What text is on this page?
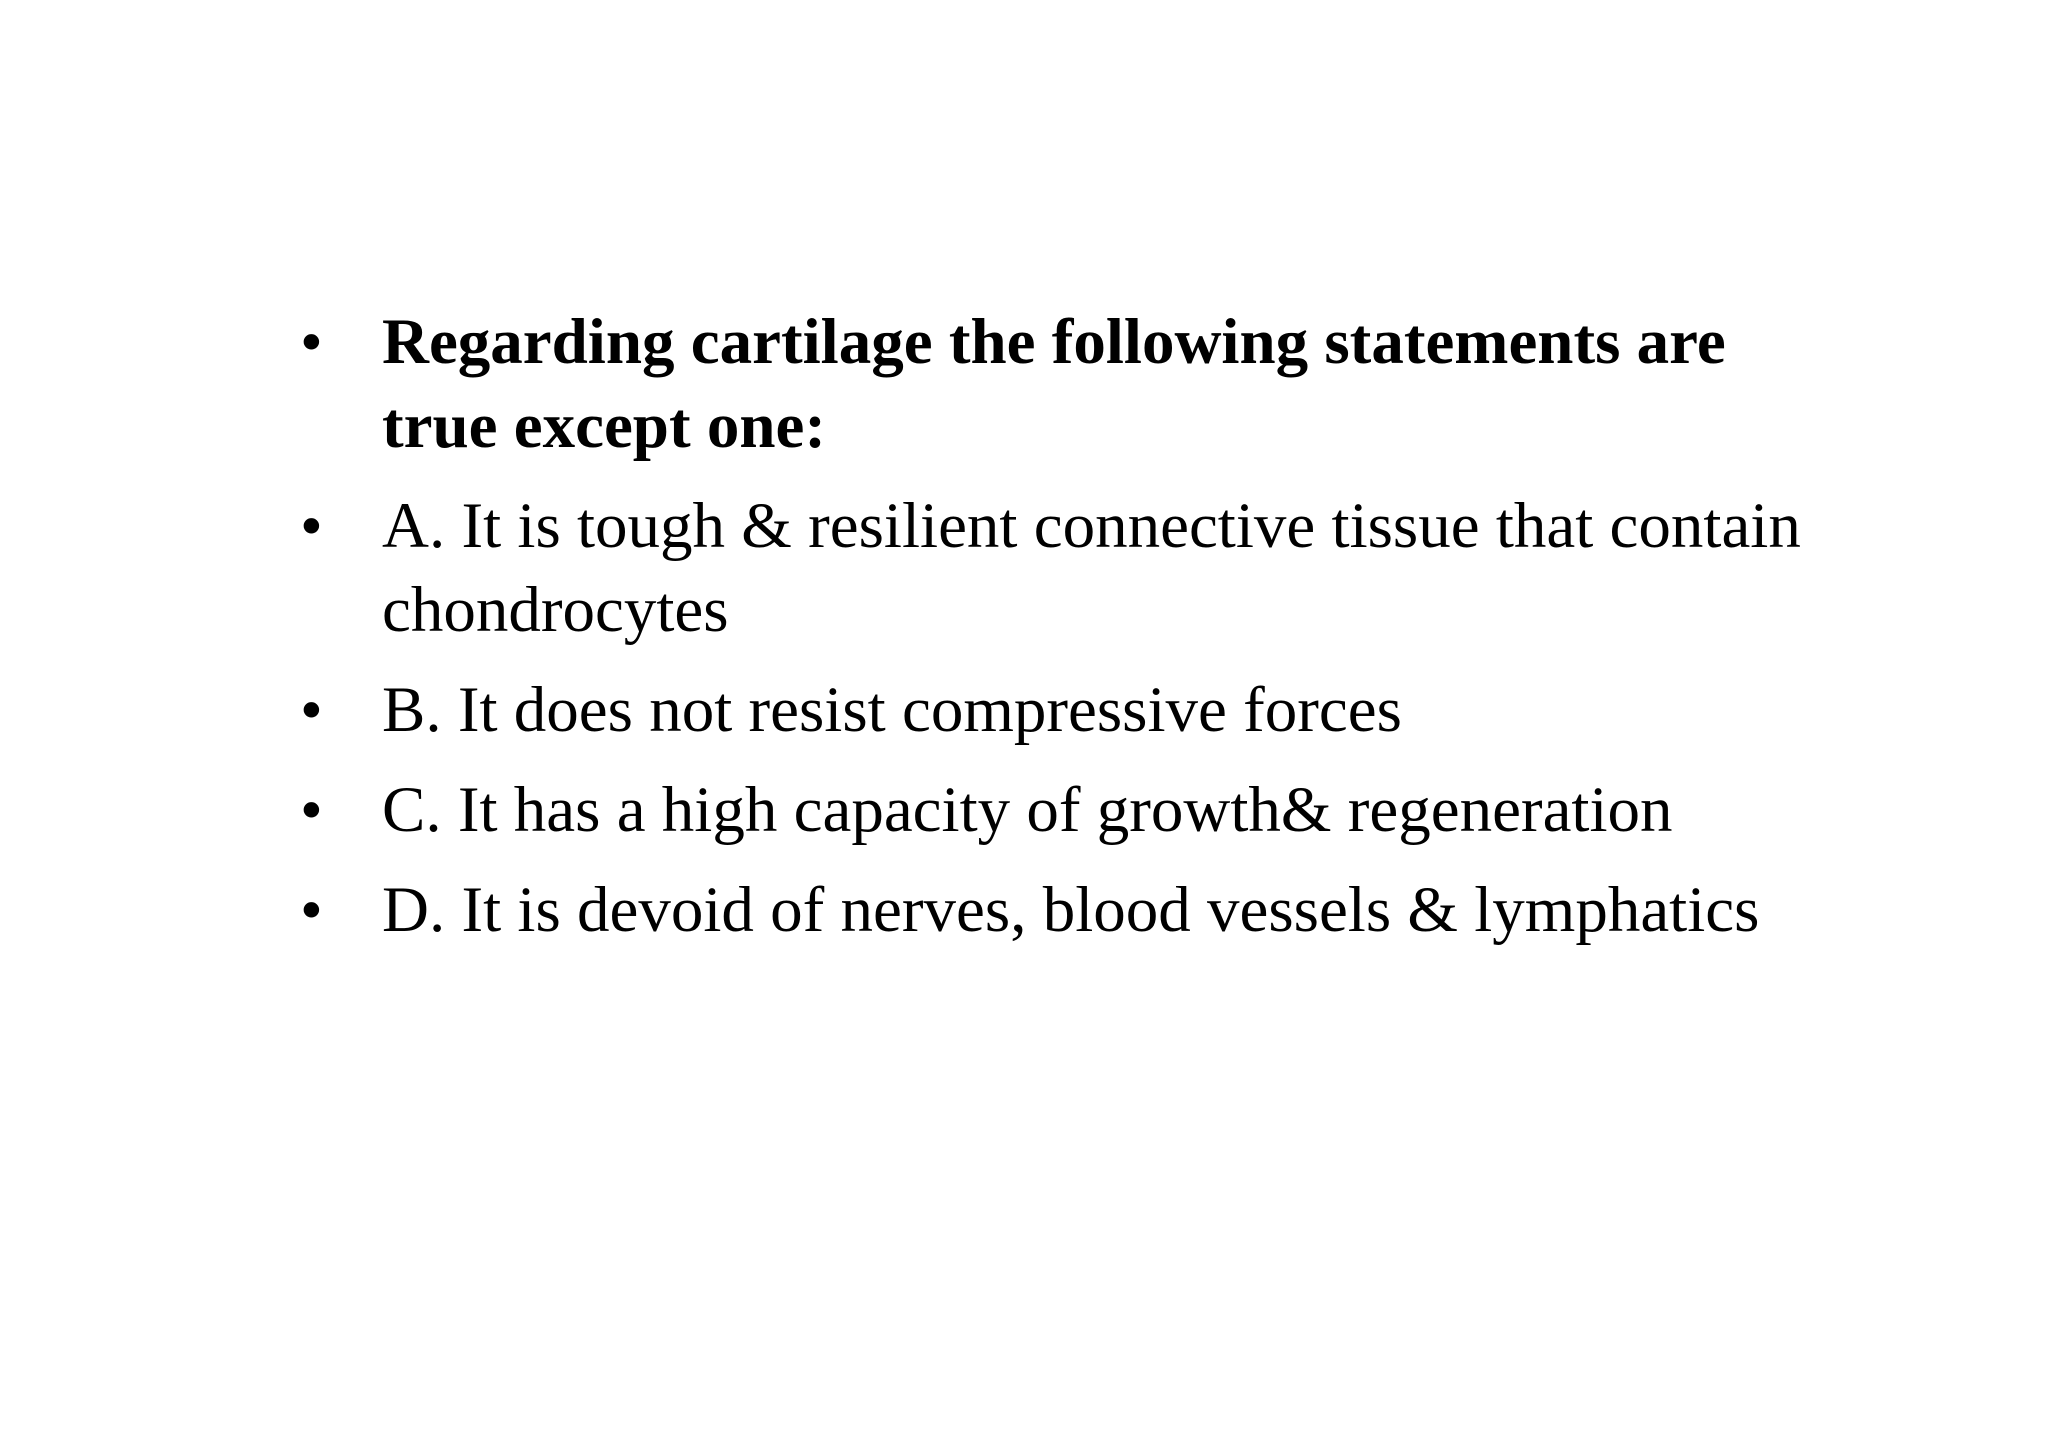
• Regarding cartilage the following statements are true except one:
• A. It is tough & resilient connective tissue that contain chondrocytes
• B. It does not resist compressive forces
• C. It has a high capacity of growth& regeneration
• D. It is devoid of nerves, blood vessels & lymphatics
